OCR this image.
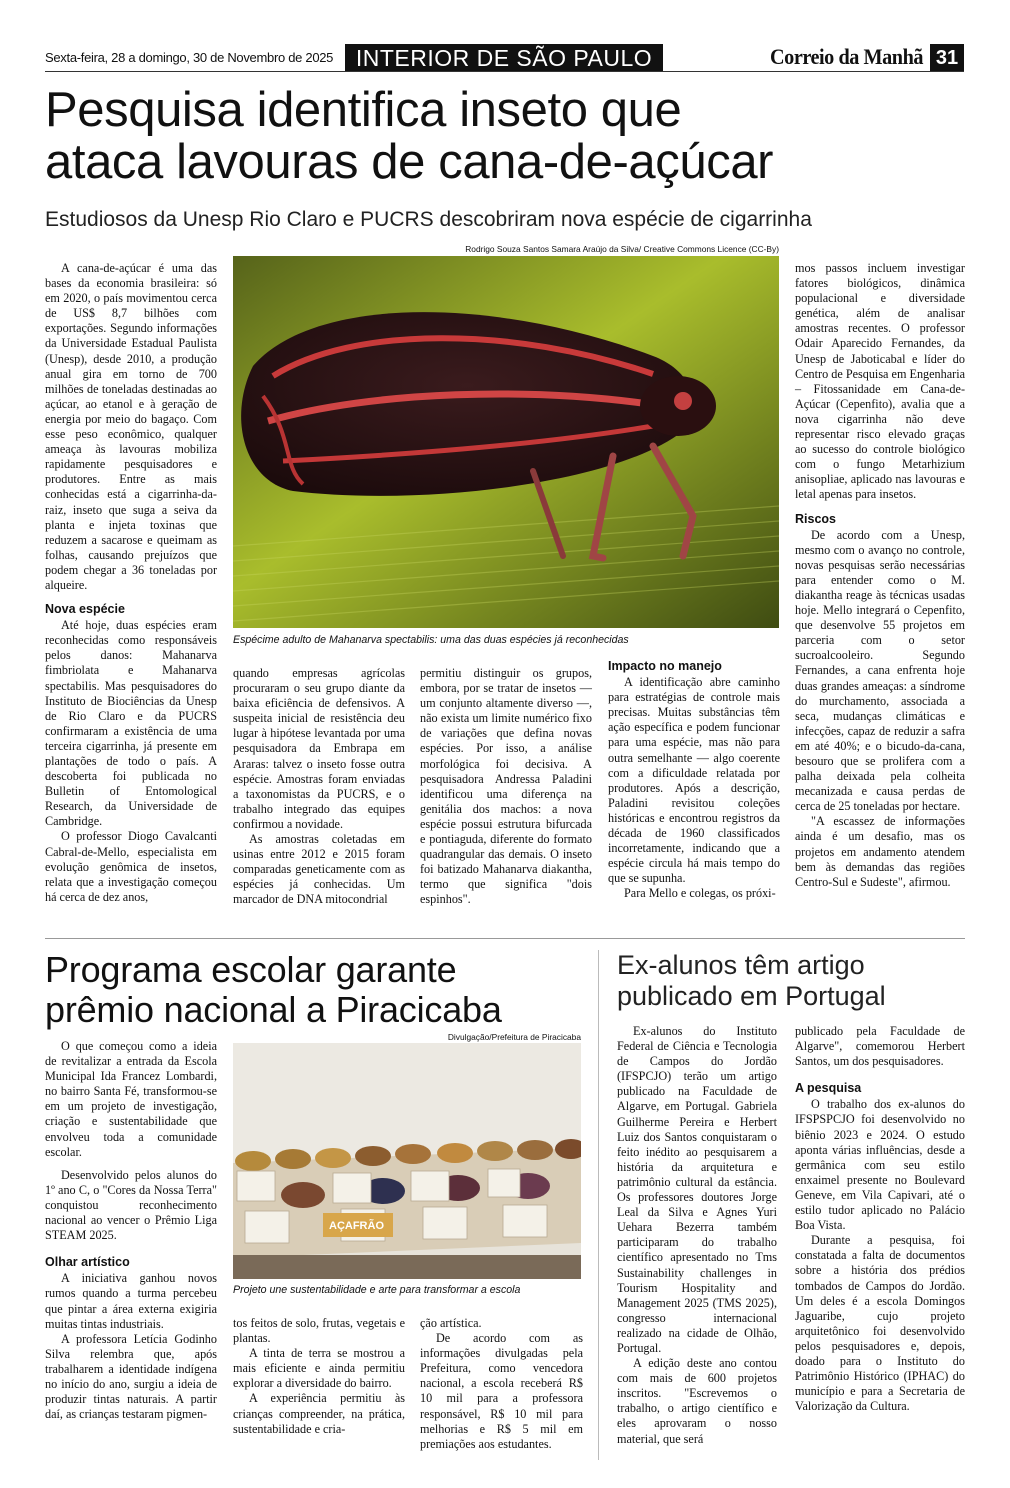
Sexta-feira, 28 a domingo, 30 de Novembro de 2025 INTERIOR DE SÃO PAULO	Correio da Manhã 31
Pesquisa identifica inseto que
ataca lavouras de cana-de-açúcar
Estudiosos da Unesp Rio Claro e PUCRS descobriram nova espécie de cigarrinha
Rodrigo Souza Santos Samara Araújo da Silva/ Creative Commons Licence (CC-By)
Espécime adulto de Mahanarva spectabilis: uma das duas espécies já reconhecidas

A cana-de-açúcar é uma das bases da economia brasileira: só em 2020, o país movimentou cerca de US$ 8,7 bilhões com exportações. Segundo informações da Universidade Estadual Paulista (Unesp), desde 2010, a produção anual gira em torno de 700 milhões de toneladas destinadas ao açúcar, ao etanol e à geração de energia por meio do bagaço. Com esse peso econômico, qualquer ameaça às lavouras mobiliza rapidamente pesquisadores e produtores. Entre as mais conhecidas está a cigarrinha-da-raiz, inseto que suga a seiva da planta e injeta toxinas que reduzem a sacarose e queimam as folhas, causando prejuízos que podem chegar a 36 toneladas por alqueire.

Nova espécie

Até hoje, duas espécies eram reconhecidas como responsáveis pelos danos: Mahanarva fimbriolata e Mahanarva spectabilis. Mas pesquisadores do Instituto de Biociências da Unesp de Rio Claro e da PUCRS confirmaram a existência de uma terceira cigarrinha, já presente em plantações de todo o país. A descoberta foi publicada no Bulletin of Entomological Research, da Universidade de Cambridge.

O professor Diogo Cavalcanti Cabral-de-Mello, especialista em evolução genômica de insetos, relata que a investigação começou há cerca de dez anos,

quando empresas agrícolas procuraram o seu grupo diante da baixa eficiência de defensivos. A suspeita inicial de resistência deu lugar à hipótese levantada por uma pesquisadora da Embrapa em Araras: talvez o inseto fosse outra espécie. Amostras foram enviadas a taxonomistas da PUCRS, e o trabalho integrado das equipes confirmou a novidade.

As amostras coletadas em usinas entre 2012 e 2015 foram comparadas geneticamente com as espécies já conhecidas. Um marcador de DNA mitocondrial

permitiu distinguir os grupos, embora, por se tratar de insetos — um conjunto altamente diverso —, não exista um limite numérico fixo de variações que defina novas espécies. Por isso, a análise morfológica foi decisiva. A pesquisadora Andressa Paladini identificou uma diferença na genitália dos machos: a nova espécie possui estrutura bifurcada e pontiaguda, diferente do formato quadrangular das demais. O inseto foi batizado Mahanarva diakantha, termo que significa "dois espinhos".

Impacto no manejo

A identificação abre caminho para estratégias de controle mais precisas. Muitas substâncias têm ação específica e podem funcionar para uma espécie, mas não para outra semelhante — algo coerente com a dificuldade relatada por produtores. Após a descrição, Paladini revisitou coleções históricas e encontrou registros da década de 1960 classificados incorretamente, indicando que a espécie circula há mais tempo do que se supunha.

Para Mello e colegas, os próxi-

mos passos incluem investigar fatores biológicos, dinâmica populacional e diversidade genética, além de analisar amostras recentes. O professor Odair Aparecido Fernandes, da Unesp de Jaboticabal e líder do Centro de Pesquisa em Engenharia – Fitossanidade em Cana-de-Açúcar (Cepenfito), avalia que a nova cigarrinha não deve representar risco elevado graças ao sucesso do controle biológico com o fungo Metarhizium anisopliae, aplicado nas lavouras e letal apenas para insetos.

Riscos

De acordo com a Unesp, mesmo com o avanço no controle, novas pesquisas serão necessárias para entender como o M. diakantha reage às técnicas usadas hoje. Mello integrará o Cepenfito, que desenvolve 55 projetos em parceria com o setor sucroalcooleiro. Segundo Fernandes, a cana enfrenta hoje duas grandes ameaças: a síndrome do murchamento, associada a seca, mudanças climáticas e infecções, capaz de reduzir a safra em até 40%; e o bicudo-da-cana, besouro que se prolifera com a palha deixada pela colheita mecanizada e causa perdas de cerca de 25 toneladas por hectare.

"A escassez de informações ainda é um desafio, mas os projetos em andamento atendem bem às demandas das regiões Centro-Sul e Sudeste", afirmou.

Programa escolar garante
prêmio nacional a Piracicaba
Divulgação/Prefeitura de Piracicaba
AÇAFRÃO
Projeto une sustentabilidade e arte para transformar a escola

O que começou como a ideia de revitalizar a entrada da Escola Municipal Ida Francez Lombardi, no bairro Santa Fé, transformou-se em um projeto de investigação, criação e sustentabilidade que envolveu toda a comunidade escolar.

Desenvolvido pelos alunos do 1º ano C, o "Cores da Nossa Terra" conquistou reconhecimento nacional ao vencer o Prêmio Liga STEAM 2025.

Olhar artístico

A iniciativa ganhou novos rumos quando a turma percebeu que pintar a área externa exigiria muitas tintas industriais.

A professora Letícia Godinho Silva relembra que, após trabalharem a identidade indígena no início do ano, surgiu a ideia de produzir tintas naturais. A partir daí, as crianças testaram pigmen-

tos feitos de solo, frutas, vegetais e plantas.

A tinta de terra se mostrou a mais eficiente e ainda permitiu explorar a diversidade do bairro.

A experiência permitiu às crianças compreender, na prática, sustentabilidade e cria-

ção artística.

De acordo com as informações divulgadas pela Prefeitura, como vencedora nacional, a escola receberá R$ 10 mil para a professora responsável, R$ 10 mil para melhorias e R$ 5 mil em premiações aos estudantes.

Ex-alunos têm artigo
publicado em Portugal

Ex-alunos do Instituto Federal de Ciência e Tecnologia de Campos do Jordão (IFSPCJO) terão um artigo publicado na Faculdade de Algarve, em Portugal. Gabriela Guilherme Pereira e Herbert Luiz dos Santos conquistaram o feito inédito ao pesquisarem a história da arquitetura e patrimônio cultural da estância. Os professores doutores Jorge Leal da Silva e Agnes Yuri Uehara Bezerra também participaram do trabalho científico apresentado no Tms Sustainability challenges in Tourism Hospitality and Management 2025 (TMS 2025), congresso internacional realizado na cidade de Olhão, Portugal.

A edição deste ano contou com mais de 600 projetos inscritos. "Escrevemos o trabalho, o artigo científico e eles aprovaram o nosso material, que será

publicado pela Faculdade de Algarve", comemorou Herbert Santos, um dos pesquisadores.

A pesquisa

O trabalho dos ex-alunos do IFSPSPCJO foi desenvolvido no biênio 2023 e 2024. O estudo aponta várias influências, desde a germânica com seu estilo enxaimel presente no Boulevard Geneve, em Vila Capivari, até o estilo tudor aplicado no Palácio Boa Vista.

Durante a pesquisa, foi constatada a falta de documentos sobre a história dos prédios tombados de Campos do Jordão. Um deles é a escola Domingos Jaguaribe, cujo projeto arquitetônico foi desenvolvido pelos pesquisadores e, depois, doado para o Instituto do Patrimônio Histórico (IPHAC) do município e para a Secretaria de Valorização da Cultura.
